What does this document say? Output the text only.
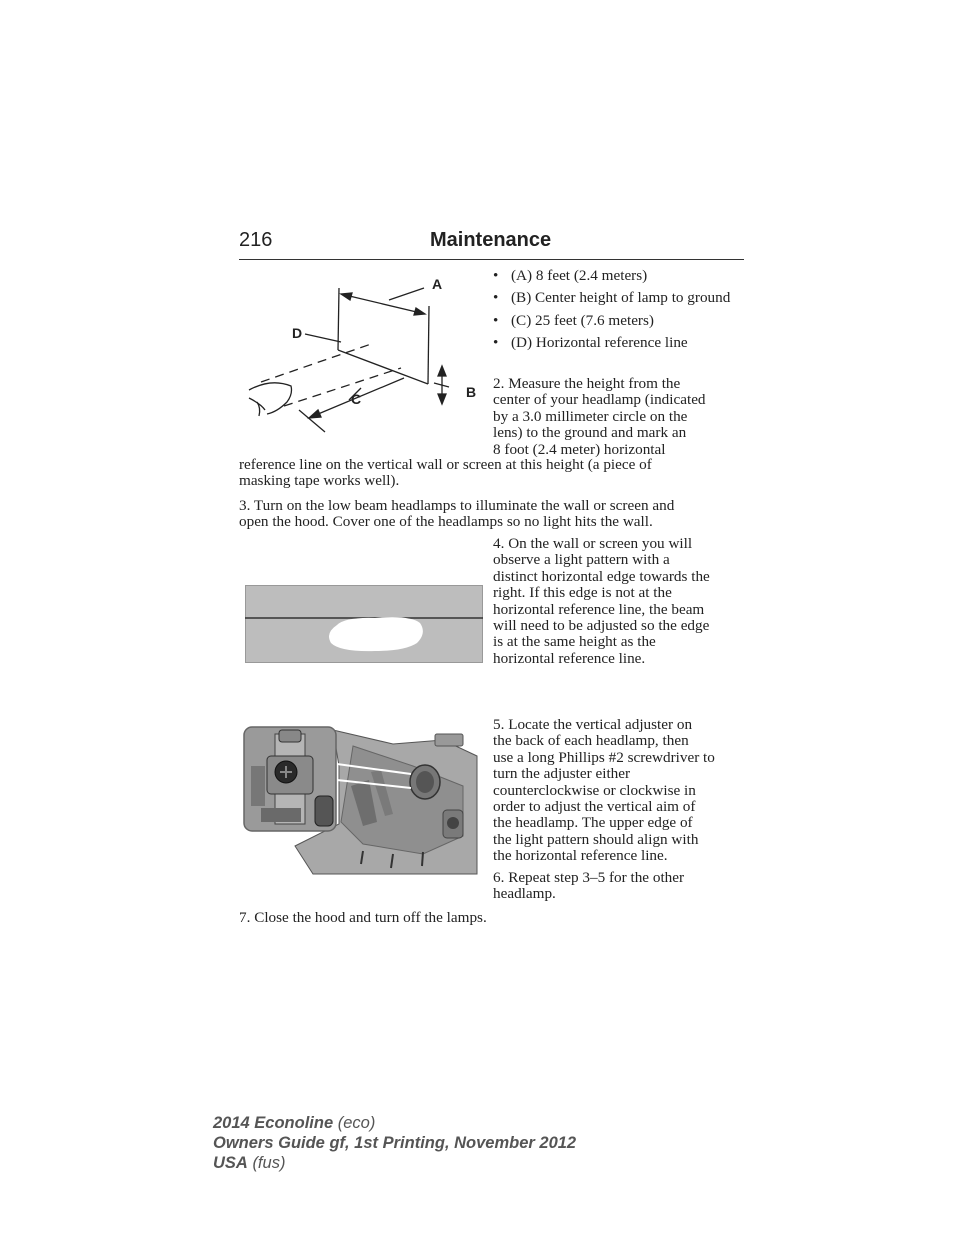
216	Maintenance
A
B
C
D
• (A) 8 feet (2.4 meters)
• (B) Center height of lamp to ground
• (C) 25 feet (7.6 meters)
• (D) Horizontal reference line
2. Measure the height from the
center of your headlamp (indicated
by a 3.0 millimeter circle on the
lens) to the ground and mark an
8 foot (2.4 meter) horizontal
reference line on the vertical wall or screen at this height (a piece of
masking tape works well).
3. Turn on the low beam headlamps to illuminate the wall or screen and
open the hood. Cover one of the headlamps so no light hits the wall.
4. On the wall or screen you will
observe a light pattern with a
distinct horizontal edge towards the
right. If this edge is not at the
horizontal reference line, the beam
will need to be adjusted so the edge
is at the same height as the
horizontal reference line.
5. Locate the vertical adjuster on
the back of each headlamp, then
use a long Phillips #2 screwdriver to
turn the adjuster either
counterclockwise or clockwise in
order to adjust the vertical aim of
the headlamp. The upper edge of
the light pattern should align with
the horizontal reference line.
6. Repeat step 3–5 for the other
headlamp.
7. Close the hood and turn off the lamps.
2014 Econoline (eco)
Owners Guide gf, 1st Printing, November 2012
USA (fus)
